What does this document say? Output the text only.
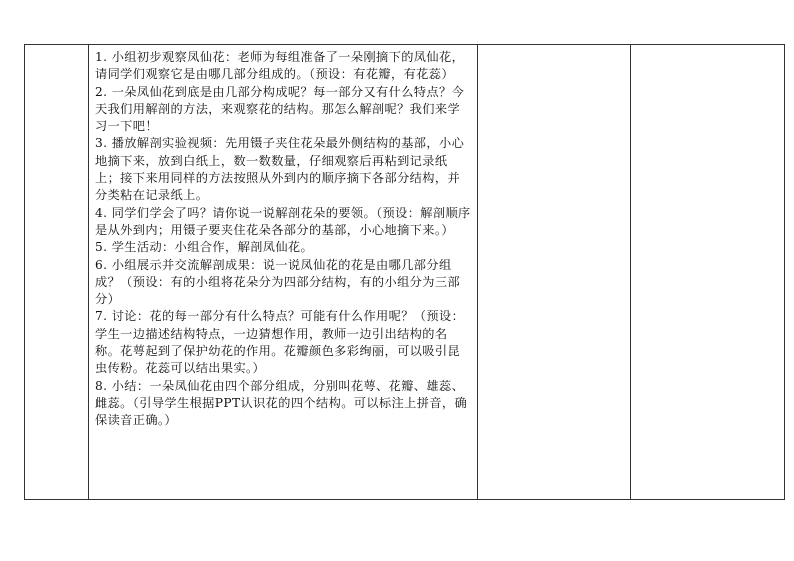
1. 小组初步观察凤仙花：老师为每组准备了一朵刚摘下的凤仙花，请同学们观察它是由哪几部分组成的。（预设：有花瓣，有花蕊）

2. 一朵凤仙花到底是由几部分构成呢？每一部分又有什么特点？今天我们用解剖的方法，来观察花的结构。那怎么解剖呢？我们来学习一下吧！

3. 播放解剖实验视频：先用镊子夹住花朵最外侧结构的基部，小心地摘下来，放到白纸上，数一数数量，仔细观察后再粘到记录纸上；接下来用同样的方法按照从外到内的顺序摘下各部分结构，并分类粘在记录纸上。

4. 同学们学会了吗？请你说一说解剖花朵的要领。（预设：解剖顺序是从外到内；用镊子要夹住花朵各部分的基部，小心地摘下来。）

5. 学生活动：小组合作，解剖凤仙花。

6. 小组展示并交流解剖成果：说一说凤仙花的花是由哪几部分组成？（预设：有的小组将花朵分为四部分结构，有的小组分为三部分）

7. 讨论：花的每一部分有什么特点？可能有什么作用呢？（预设：学生一边描述结构特点，一边猜想作用，教师一边引出结构的名称。花萼起到了保护幼花的作用。花瓣颜色多彩绚丽，可以吸引昆虫传粉。花蕊可以结出果实。）

8. 小结：一朵凤仙花由四个部分组成，分别叫花萼、花瓣、雄蕊、雌蕊。（引导学生根据PPT认识花的四个结构。可以标注上拼音，确保读音正确。）
